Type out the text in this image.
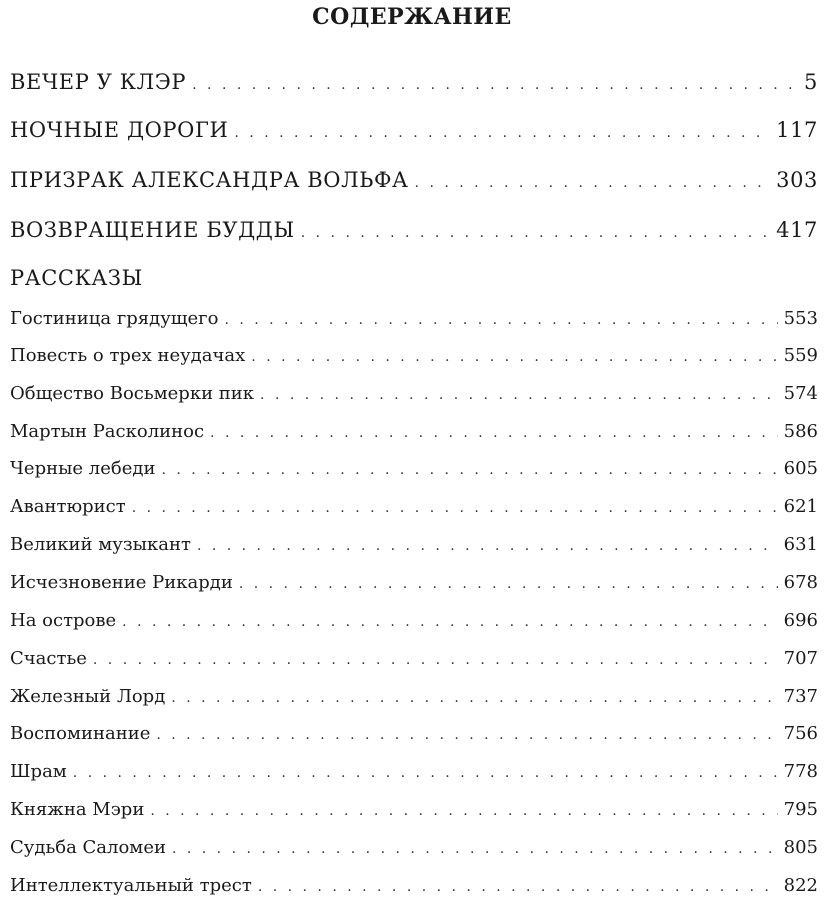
СОДЕРЖАНИЕ
ВЕЧЕР У КЛЭР . . .	5
НОЧНЫЕ ДОРОГИ . . .	117
ПРИЗРАК АЛЕКСАНДРА ВОЛЬФА . . .	303
ВОЗВРАЩЕНИЕ БУДДЫ . . .	417
РАССКАЗЫ
Гостиница грядущего . . .	553
Повесть о трех неудачах . . .	559
Общество Восьмерки пик . . .	574
Мартын Расколинос . . .	586
Черные лебеди . . .	605
Авантюрист . . .	621
Великий музыкант . . .	631
Исчезновение Рикарди . . .	678
На острове . . .	696
Счастье . . .	707
Железный Лорд . . .	737
Воспоминание . . .	756
Шрам . . .	778
Княжна Мэри . . .	795
Судьба Саломеи . . .	805
Интеллектуальный трест . . .	822
